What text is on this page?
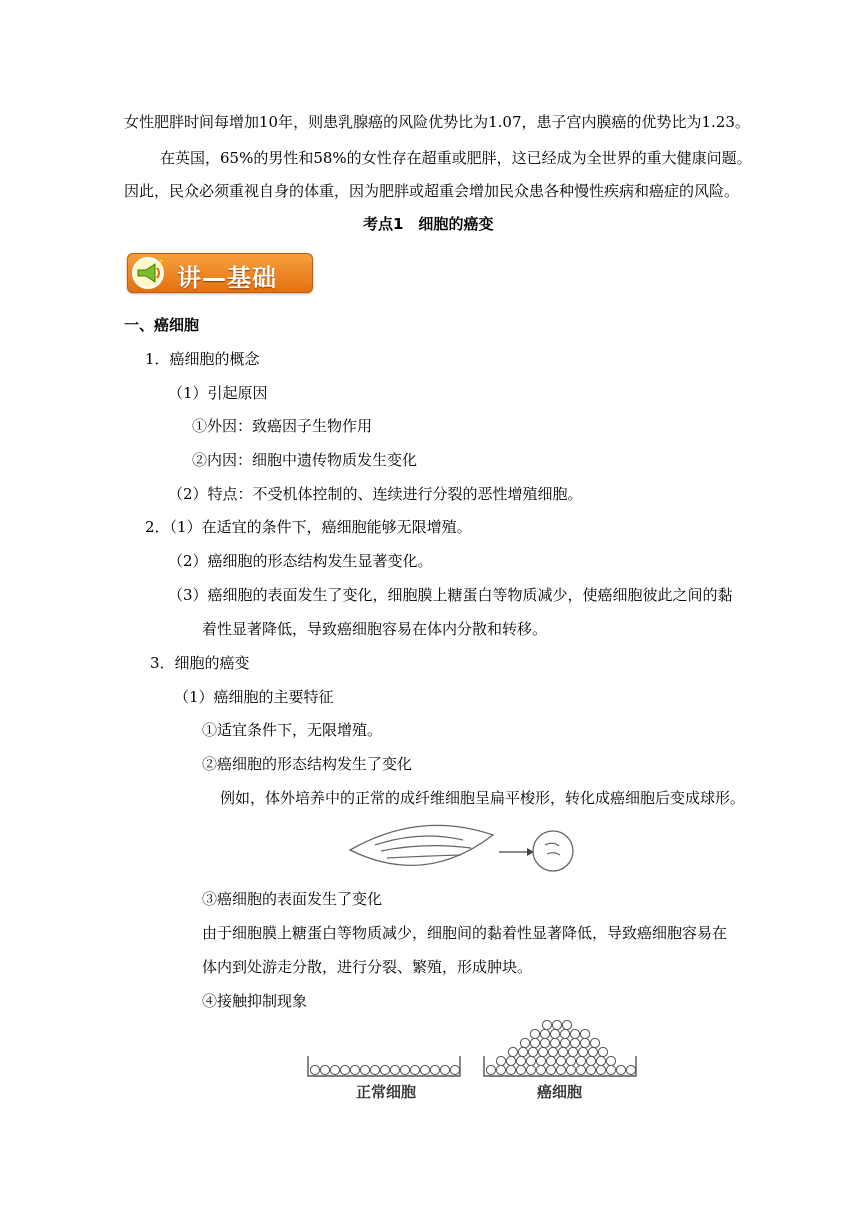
女性肥胖时间每增加10年，则患乳腺癌的风险优势比为1.07，患子宫内膜癌的优势比为1.23。
在英国，65%的男性和58%的女性存在超重或肥胖，这已经成为全世界的重大健康问题。
因此，民众必须重视自身的体重，因为肥胖或超重会增加民众患各种慢性疾病和癌症的风险。
考点1　细胞的癌变
♪ 讲—基础
一、癌细胞
1．癌细胞的概念
（1）引起原因
①外因：致癌因子生物作用
②内因：细胞中遗传物质发生变化
（2）特点：不受机体控制的、连续进行分裂的恶性增殖细胞。
2．（1）在适宜的条件下，癌细胞能够无限增殖。
（2）癌细胞的形态结构发生显著变化。
（3）癌细胞的表面发生了变化，细胞膜上糖蛋白等物质减少，使癌细胞彼此之间的黏
着性显著降低，导致癌细胞容易在体内分散和转移。
3．细胞的癌变
（1）癌细胞的主要特征
①适宜条件下，无限增殖。
②癌细胞的形态结构发生了变化
例如，体外培养中的正常的成纤维细胞呈扁平梭形，转化成癌细胞后变成球形。
③癌细胞的表面发生了变化
由于细胞膜上糖蛋白等物质减少，细胞间的黏着性显著降低，导致癌细胞容易在
体内到处游走分散，进行分裂、繁殖，形成肿块。
④接触抑制现象
正常细胞	癌细胞
